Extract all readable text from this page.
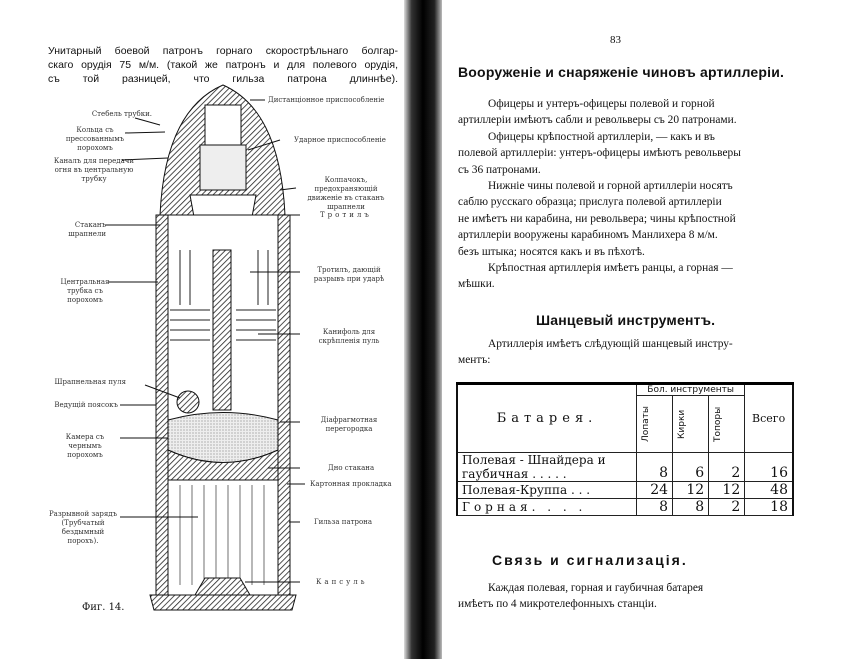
Унитарный боевой патронъ горнаго скорострѣльнаго болгар-
скаго орудія 75 м/м. (такой же патронъ и для полевого орудія,
съ той разницей, что гильза патрона длиннѣе).
Стебель трубки.
Кольца съ прессованнымъ порохомъ
Каналъ для передачи огня въ центральную трубку
Стаканъ шрапнели
Центральная трубка съ порохомъ
Шрапнельная пуля
Ведущій поясокъ
Камера съ чернымъ порохомъ
Разрывной зарядъ (Трубчатый бездымный порохъ).
Дистанціонное приспособленіе
Ударное приспособленіе
Колпачокъ, предохраняющій движеніе въ стаканъ шрапнели
Тротилъ
Тротилъ, дающій разрывъ при ударѣ
Канифоль для скрѣпленія пуль
Діафрагмотная перегородка
Дно стакана
Картонная прокладка
Гильза патрона
Капсуль
Фиг. 14.
83
Вооруженіе и снаряженіе чиновъ артиллеріи.
Офицеры и унтеръ-офицеры полевой и горной
артиллеріи имѣютъ сабли и револьверы съ 20 патронами.
Офицеры крѣпостной артиллеріи, — какъ и въ
полевой артиллеріи: унтеръ-офицеры имѣютъ револьверы
съ 36 патронами.
Нижніе чины полевой и горной артиллеріи носятъ
саблю русскаго образца; прислуга полевой артиллеріи
не имѣетъ ни карабина, ни револьвера; чины крѣпостной
артиллеріи вооружены карабиномъ Манлихера 8 м/м.
безъ штыка; носятся какъ и въ пѣхотѣ.
Крѣпостная артиллерія имѣетъ ранцы, а горная —
мѣшки.
Шанцевый инструментъ.
Артиллерія имѣетъ слѣдующій шанцевый инстру-
ментъ:
Батарея.	Бол. инструменты			Всего

	Лопаты	Кирки	Топоры	

Полевая - Шнайдера и
гаубичная . . . . .	8	6	2	16
Полевая-Круппа . . .	24	12	12	48
Горная. . . .	8	8	2	18
Связь и сигнализація.
Каждая полевая, горная и гаубичная батарея
имѣетъ по 4 микротелефонныхъ станціи.
